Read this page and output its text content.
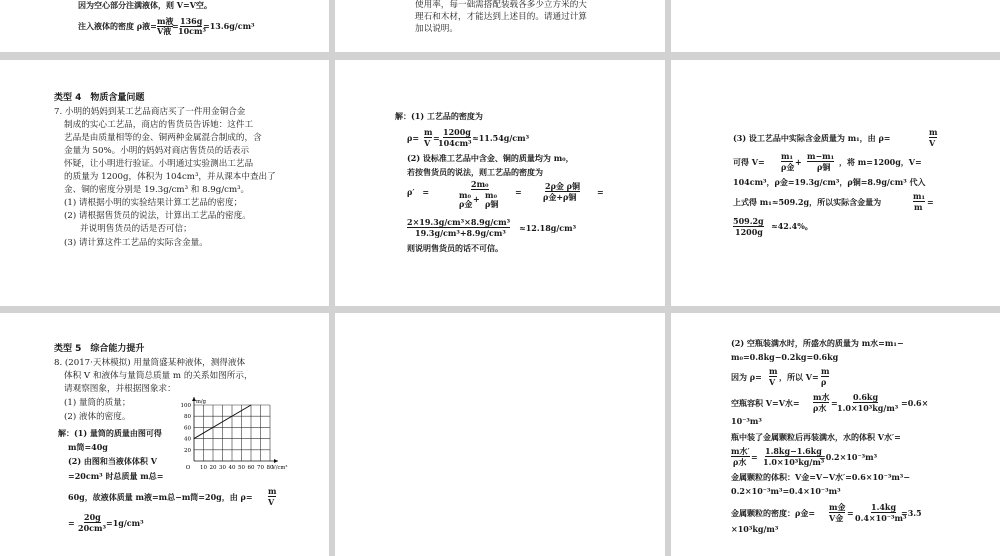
因为空心部分注满液体，则 V=V空。
注入液体的密度 ρ液= m液
V液 = 136g
10cm³
=13.6g/cm³
使用率，每一础需搭配装载各多少立方米的大
理石和木材，才能达到上述目的。请通过计算
加以说明。
类型 4　物质含量问题
7. 小明的妈妈到某工艺品商店买了一件用金铜合金
制成的实心工艺品，商店的售货员告诉她：这件工
艺品是由质量相等的金、铜两种金属混合制成的，含
金量为 50%。小明的妈妈对商店售货员的话表示
怀疑，让小明进行验证。小明通过实验测出工艺品
的质量为 1200g，体积为 104cm³，并从课本中查出了
金、铜的密度分别是 19.3g/cm³ 和 8.9g/cm³。
(1) 请根据小明的实验结果计算工艺品的密度；
(2) 请根据售货员的说法，计算出工艺品的密度。
并说明售货员的话是否可信；
(3) 请计算这件工艺品的实际含金量。
解：(1) 工艺品的密度为
ρ=
m
V =
1200g
104cm³ ≈11.54g/cm³
(2) 设标准工艺品中含金、铜的质量均为 m₀，
若按售货员的说法，则工艺品的密度为
ρ′　=
2m₀
m₀
ρ金 + m₀
ρ铜
=
2ρ金 ρ铜
ρ金+ρ铜	=
2×19.3g/cm³×8.9g/cm³
19.3g/cm³+8.9g/cm³ ≈12.18g/cm³
则说明售货员的话不可信。
(3) 设工艺品中实际含金质量为 m₁，由 ρ=
m
V
可得 V=
m₁
ρ金 +
m−m₁
ρ铜 ，将 m=1200g，V=
104cm³，ρ金=19.3g/cm³，ρ铜=8.9g/cm³ 代入
上式得 m₁≈509.2g，所以实际含金量为
m₁
m =
509.2g
1200g
≈42.4%。
类型 5　综合能力提升
8. (2017·天林模拟) 用量筒盛某种液体，测得液体
体积 V 和液体与量筒总质量 m 的关系如图所示，
请观察图象，并根据图象求：
(1) 量筒的质量；
(2) 液体的密度。
解：(1) 量筒的质量由图可得
m筒=40g
(2) 由图和当液体体积 V
=20cm³ 时总质量 m总=
60g，故液体质量 m液=m总−m筒=20g，由 ρ=
m
V
=
20g
20cm³ =1g/cm³
O 10 20 30 40 50 60 70 80
20
40
60
80
100
V/cm³
m/g
(2) 空瓶装满水时，所盛水的质量为 m水=m₁−
m₀=0.8kg−0.2kg=0.6kg
因为 ρ=
m
V ，所以 V=
m
ρ
空瓶容积 V=V水=
m水
ρ水 =
0.6kg
1.0×10³kg/m³ =0.6×
10⁻³m³
瓶中装了金属颗粒后再装满水，水的体积 V水′=
m水′
ρ水 =
1.8kg−1.6kg
1.0×10³kg/m³
=0.2×10⁻³m³
金属颗粒的体积：V金=V−V水′=0.6×10⁻³m³−
0.2×10⁻³m³=0.4×10⁻³m³
金属颗粒的密度：ρ金=
m金
V金 =
1.4kg
0.4×10⁻³m³
=3.5
×10³kg/m³
